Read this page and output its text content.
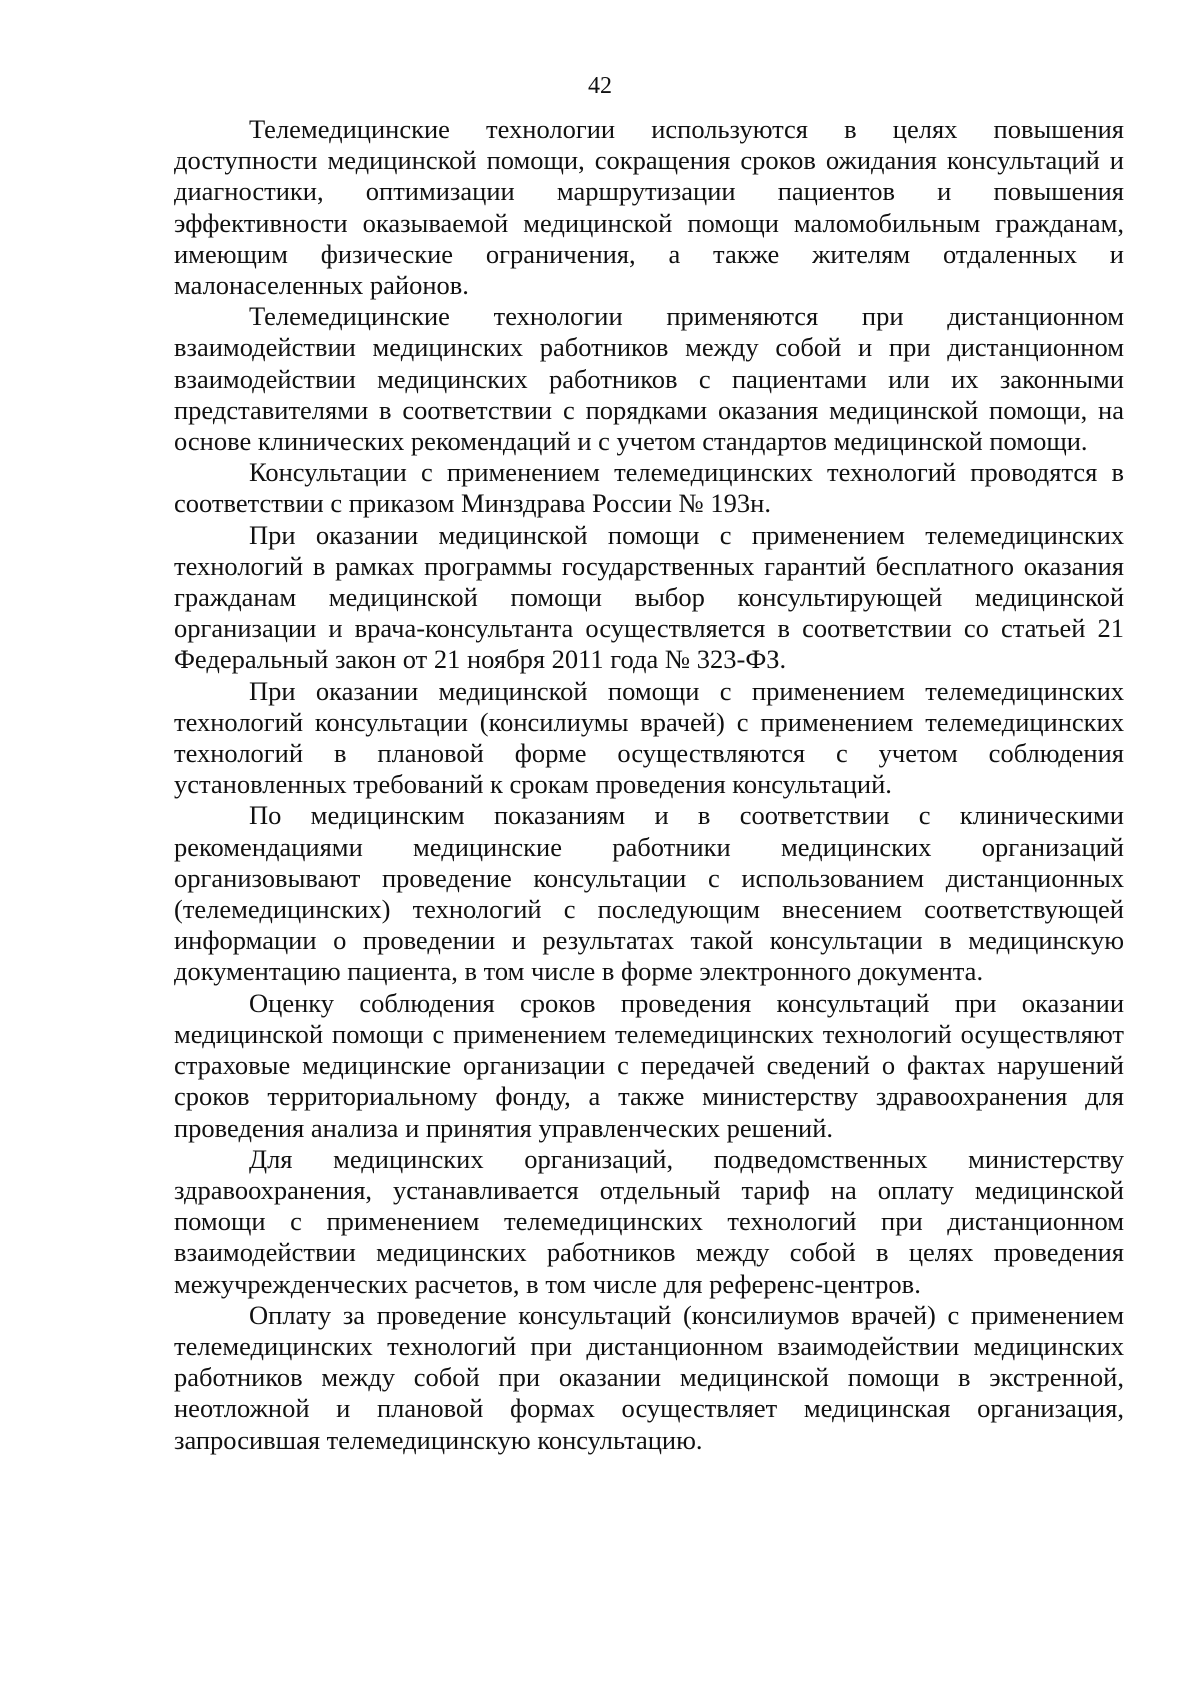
42

Телемедицинские технологии используются в целях повышения доступности медицинской помощи, сокращения сроков ожидания консультаций и диагностики, оптимизации маршрутизации пациентов и повышения эффективности оказываемой медицинской помощи маломобильным гражданам, имеющим физические ограничения, а также жителям отдаленных и малонаселенных районов.

Телемедицинские технологии применяются при дистанционном взаимодействии медицинских работников между собой и при дистанционном взаимодействии медицинских работников с пациентами или их законными представителями в соответствии с порядками оказания медицинской помощи, на основе клинических рекомендаций и с учетом стандартов медицинской помощи.

Консультации с применением телемедицинских технологий проводятся в соответствии с приказом Минздрава России № 193н.

При оказании медицинской помощи с применением телемедицинских технологий в рамках программы государственных гарантий бесплатного оказания гражданам медицинской помощи выбор консультирующей медицинской организации и врача-консультанта осуществляется в соответствии со статьей 21 Федеральный закон от 21 ноября 2011 года № 323-ФЗ.

При оказании медицинской помощи с применением телемедицинских технологий консультации (консилиумы врачей) с применением телемедицинских технологий в плановой форме осуществляются с учетом соблюдения установленных требований к срокам проведения консультаций.

По медицинским показаниям и в соответствии с клиническими рекомендациями медицинские работники медицинских организаций организовывают проведение консультации с использованием дистанционных (телемедицинских) технологий с последующим внесением соответствующей информации о проведении и результатах такой консультации в медицинскую документацию пациента, в том числе в форме электронного документа.

Оценку соблюдения сроков проведения консультаций при оказании медицинской помощи с применением телемедицинских технологий осуществляют страховые медицинские организации с передачей сведений о фактах нарушений сроков территориальному фонду, а также министерству здравоохранения для проведения анализа и принятия управленческих решений.

Для медицинских организаций, подведомственных министерству здравоохранения, устанавливается отдельный тариф на оплату медицинской помощи с применением телемедицинских технологий при дистанционном взаимодействии медицинских работников между собой в целях проведения межучрежденческих расчетов, в том числе для референс-центров.

Оплату за проведение консультаций (консилиумов врачей) с применением телемедицинских технологий при дистанционном взаимодействии медицинских работников между собой при оказании медицинской помощи в экстренной, неотложной и плановой формах осуществляет медицинская организация, запросившая телемедицинскую консультацию.
